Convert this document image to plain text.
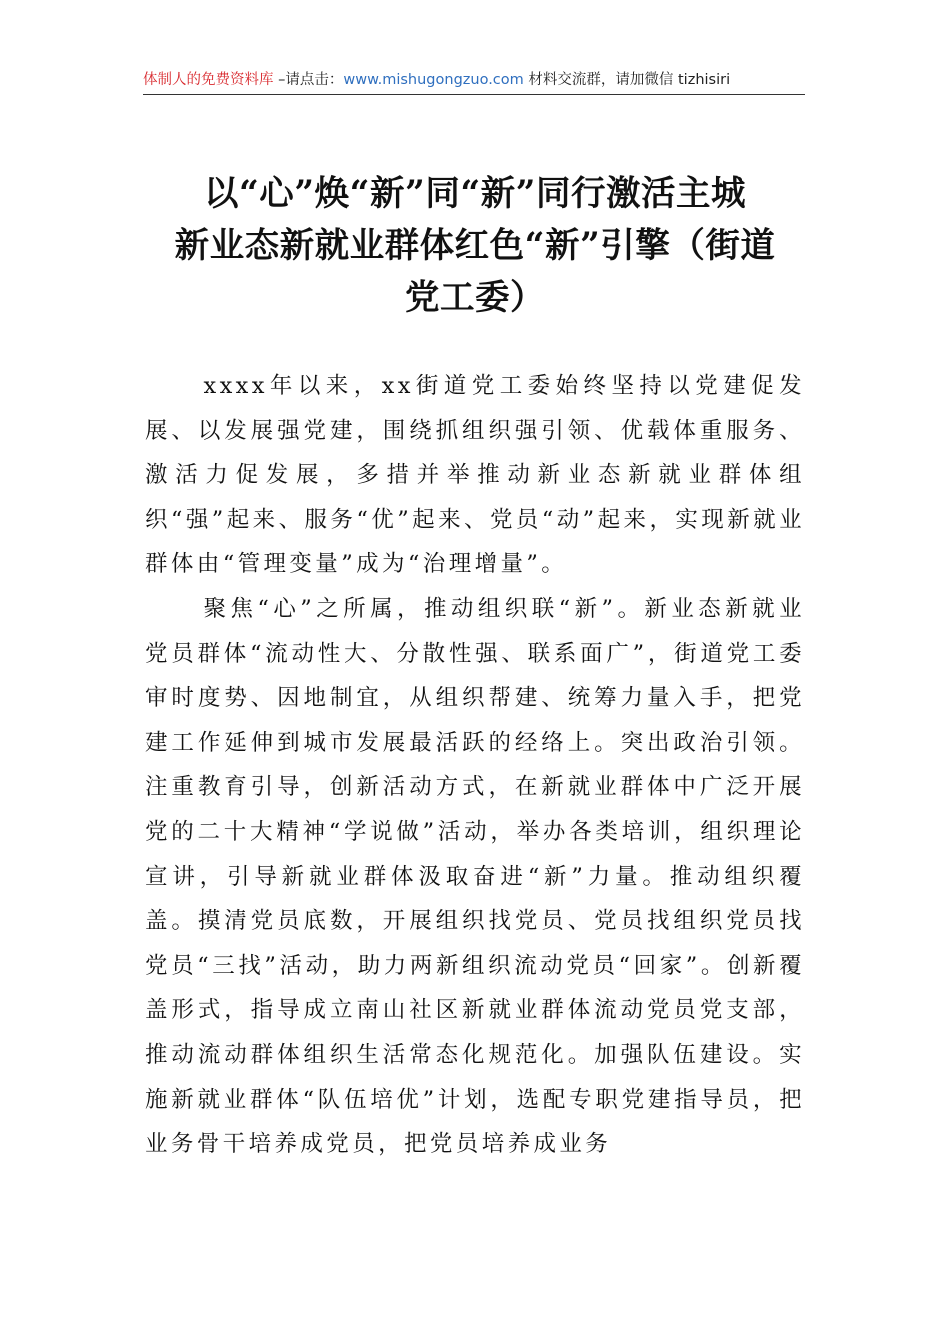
体制人的免费资料库 –请点击：www.mishugongzuo.com 材料交流群，请加微信 tizhisiri
以“心”焕“新”同“新”同行激活主城
新业态新就业群体红色“新”引擎（街道
党工委）

xxxx年以来，xx街道党工委始终坚持以党建促发展、以发展强党建，围绕抓组织强引领、优载体重服务、激活力促发展，多措并举推动新业态新就业群体组织“强”起来、服务“优”起来、党员“动”起来，实现新就业群体由“管理变量”成为“治理增量”。

聚焦“心”之所属，推动组织联“新”。新业态新就业党员群体“流动性大、分散性强、联系面广”，街道党工委审时度势、因地制宜，从组织帮建、统筹力量入手，把党建工作延伸到城市发展最活跃的经络上。突出政治引领。注重教育引导，创新活动方式，在新就业群体中广泛开展党的二十大精神“学说做”活动，举办各类培训，组织理论宣讲，引导新就业群体汲取奋进“新”力量。推动组织覆盖。摸清党员底数，开展组织找党员、党员找组织党员找党员“三找”活动，助力两新组织流动党员“回家”。创新覆盖形式，指导成立南山社区新就业群体流动党员党支部，推动流动群体组织生活常态化规范化。加强队伍建设。实施新就业群体“队伍培优”计划，选配专职党建指导员，把业务骨干培养成党员，把党员培养成业务
